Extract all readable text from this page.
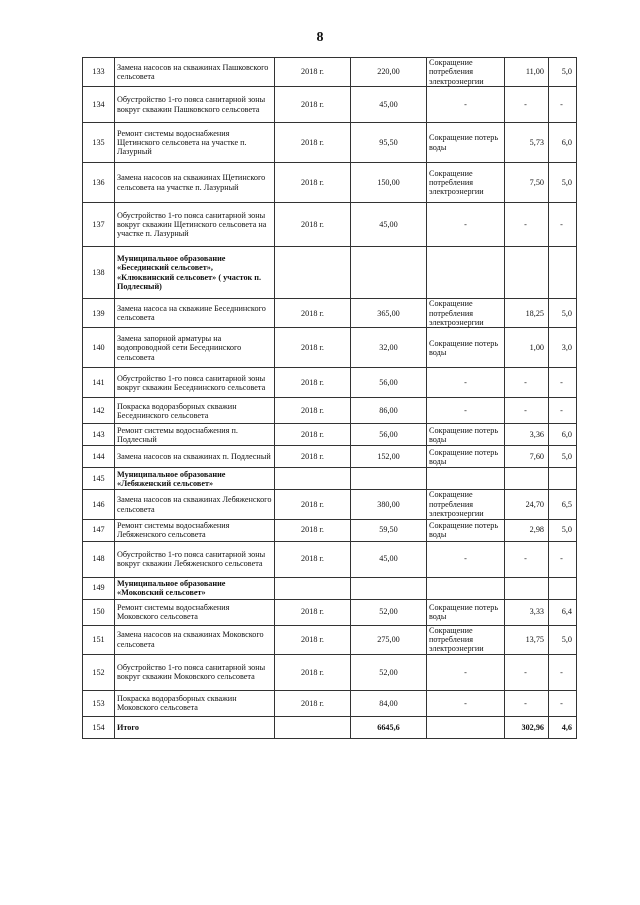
8
133	Замена насосов на скважинах Пашковского сельсовета	2018 г.	220,00	Сокращение потребления электроэнергии	11,00	5,0
134	Обустройство 1-го пояса санитарной зоны вокруг скважин Пашковского сельсовета	2018 г.	45,00	-	-	-
135	Ремонт системы водоснабжения Щетинского сельсовета на участке п. Лазурный	2018 г.	95,50	Сокращение потерь воды	5,73	6,0
136	Замена насосов на скважинах Щетинского сельсовета на участке п. Лазурный	2018 г.	150,00	Сокращение потребления электроэнергии	7,50	5,0
137	Обустройство 1-го пояса санитарной зоны вокруг скважин Щетинского сельсовета на участке п. Лазурный	2018 г.	45,00	-	-	-
138	Муниципальное образование «Бесединский сельсовет», «Клюквинский сельсовет» ( участок п. Подлесный)					
139	Замена насоса на скважине Беседнинского сельсовета	2018 г.	365,00	Сокращение потребления электроэнергии	18,25	5,0
140	Замена запорной арматуры на водопроводной сети Беседнинского сельсовета	2018 г.	32,00	Сокращение потерь воды	1,00	3,0
141	Обустройство 1-го пояса санитарной зоны вокруг скважин Беседнинского сельсовета	2018 г.	56,00	-	-	-
142	Покраска водоразборных скважин Беседнинского сельсовета	2018 г.	86,00	-	-	-
143	Ремонт системы водоснабжения п. Подлесный	2018 г.	56,00	Сокращение потерь воды	3,36	6,0
144	Замена насосов на скважинах п. Подлесный	2018 г.	152,00	Сокращение потерь воды	7,60	5,0
145	Муниципальное образование «Лебяженский сельсовет»					
146	Замена насосов на скважинах Лебяженского сельсовета	2018 г.	380,00	Сокращение потребления электроэнергии	24,70	6,5
147	Ремонт системы водоснабжения Лебяженского сельсовета	2018 г.	59,50	Сокращение потерь воды	2,98	5,0
148	Обустройство 1-го пояса санитарной зоны вокруг скважин Лебяженского сельсовета	2018 г.	45,00	-	-	-
149	Муниципальное образование «Моковский сельсовет»					
150	Ремонт системы водоснабжения Моковского сельсовета	2018 г.	52,00	Сокращение потерь воды	3,33	6,4
151	Замена насосов на скважинах Моковского сельсовета	2018 г.	275,00	Сокращение потребления электроэнергии	13,75	5,0
152	Обустройство 1-го пояса санитарной зоны вокруг скважин Моковского сельсовета	2018 г.	52,00	-	-	-
153	Покраска водоразборных скважин Моковского сельсовета	2018 г.	84,00	-	-	-
154	Итого		6645,6		302,96	4,6
